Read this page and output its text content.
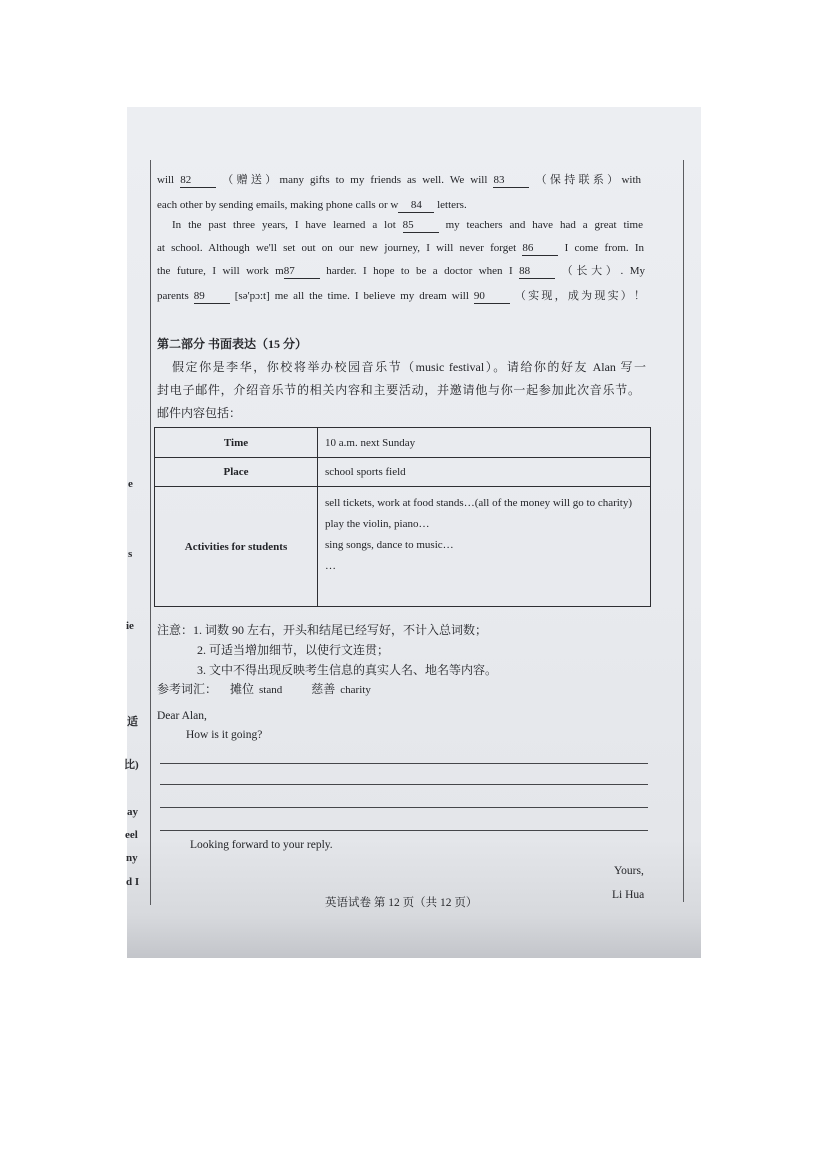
e
s
ie
适
比)
ay
eel
ny
d I
will 82	（赠送）many gifts to my friends as well. We will 83	（保持联系）with
each other by sending emails, making phone calls or w 84 letters.
In the past three years, I have learned a lot 85	my teachers and have had a great time
at school. Although we'll set out on our new journey, I will never forget 86	I come from. In
the future, I will work m87	harder. I hope to be a doctor when I 88	（长大）. My
parents 89	[sə'pɔ:t] me all the time. I believe my dream will 90	（实现，成为现实）！
第二部分 书面表达（15 分）
假定你是李华，你校将举办校园音乐节（music festival）。请给你的好友 Alan 写一
封电子邮件，介绍音乐节的相关内容和主要活动，并邀请他与你一起参加此次音乐节。
邮件内容包括：
Time	10 a.m. next Sunday
Place	school sports field
Activities for students	sell tickets, work at food stands…(all of the money will go to charity)
play the violin, piano…
sing songs, dance to music…
…
注意：1. 词数 90 左右，开头和结尾已经写好，不计入总词数；
2. 可适当增加细节，以使行文连贯；
3. 文中不得出现反映考生信息的真实人名、地名等内容。
参考词汇： 摊位 stand 慈善 charity
Dear Alan,
How is it going?
Looking forward to your reply.
Yours,
Li Hua
英语试卷 第 12 页（共 12 页）
